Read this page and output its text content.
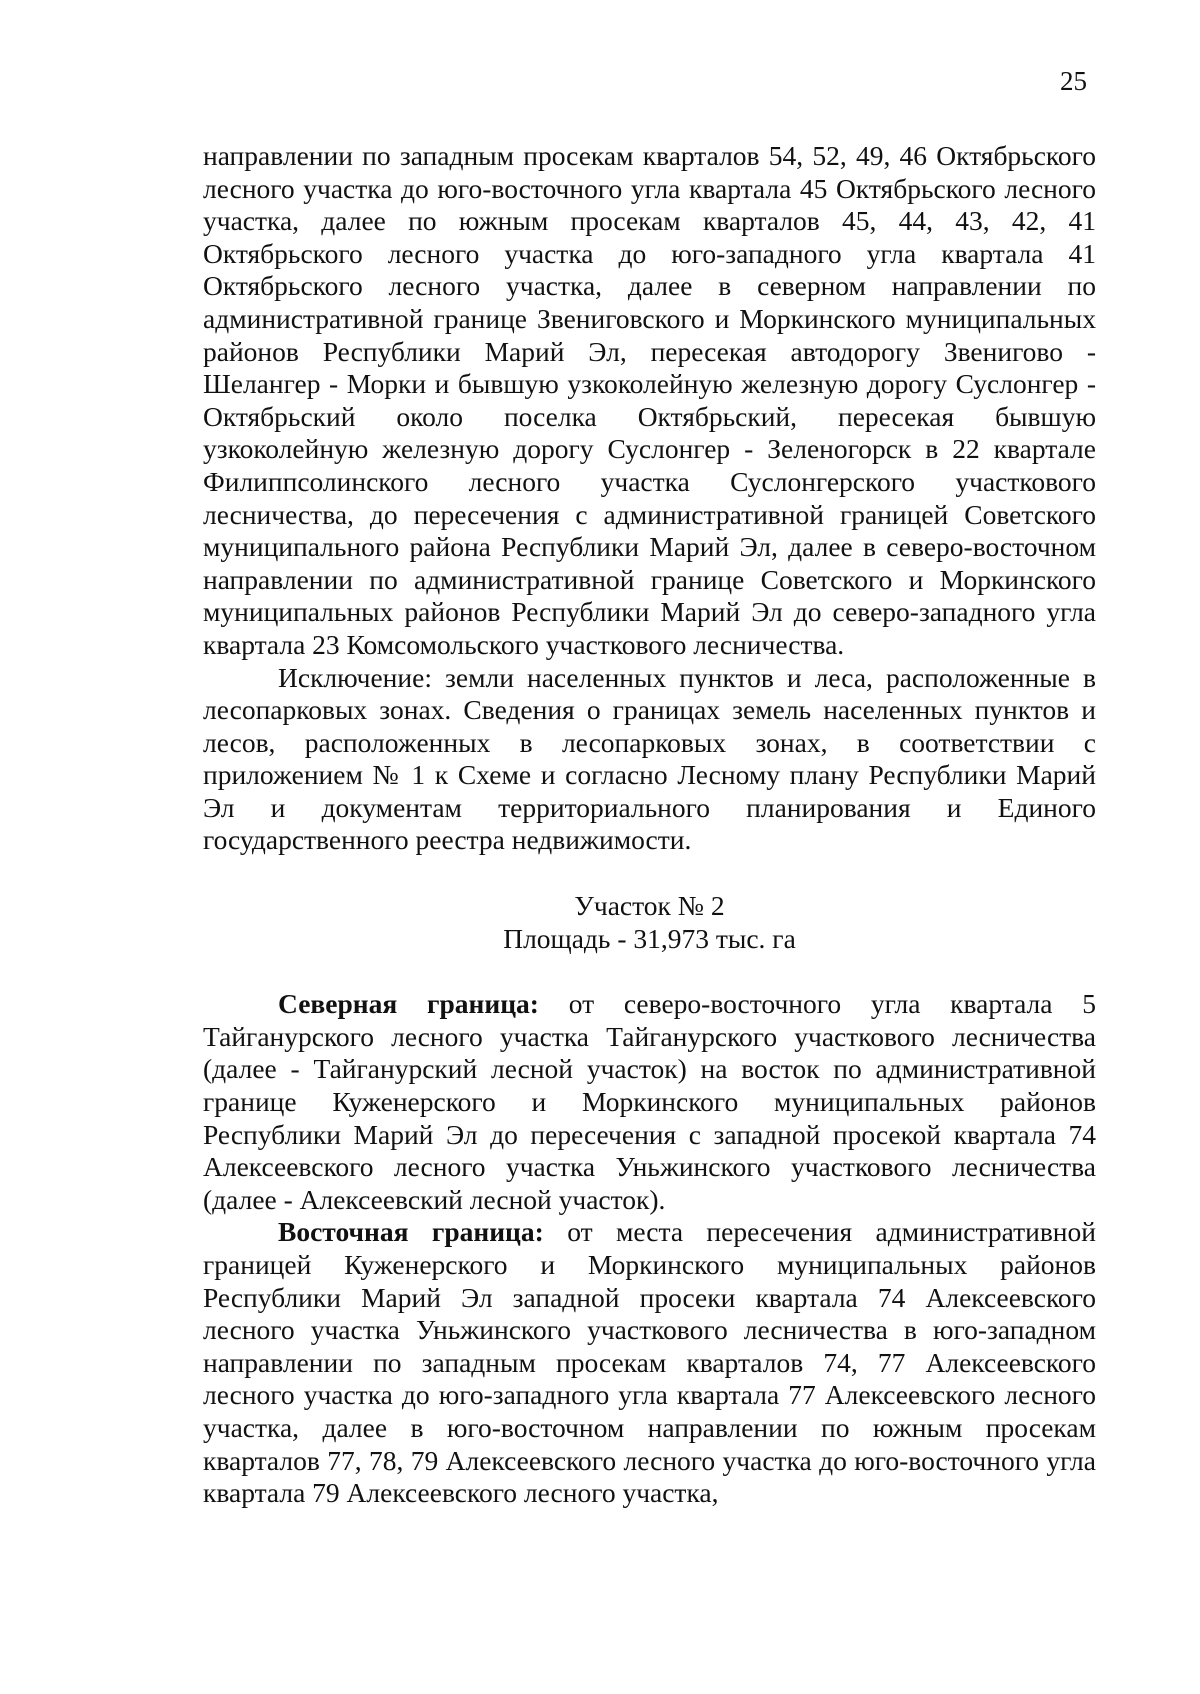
25

направлении по западным просекам кварталов 54, 52, 49, 46 Октябрьского лесного участка до юго-восточного угла квартала 45 Октябрьского лесного участка, далее по южным просекам кварталов 45, 44, 43, 42, 41 Октябрьского лесного участка до юго-западного угла квартала 41 Октябрьского лесного участка, далее в северном направлении по административной границе Звениговского и Моркинского муниципальных районов Республики Марий Эл, пересекая автодорогу Звенигово - Шелангер - Морки и бывшую узкоколейную железную дорогу Суслонгер - Октябрьский около поселка Октябрьский, пересекая бывшую узкоколейную железную дорогу Суслонгер - Зеленогорск в 22 квартале Филиппсолинского лесного участка Суслонгерского участкового лесничества, до пересечения с административной границей Советского муниципального района Республики Марий Эл, далее в северо-восточном направлении по административной границе Советского и Моркинского муниципальных районов Республики Марий Эл до северо-западного угла квартала 23 Комсомольского участкового лесничества.

Исключение: земли населенных пунктов и леса, расположенные в лесопарковых зонах. Сведения о границах земель населенных пунктов и лесов, расположенных в лесопарковых зонах, в соответствии с приложением № 1 к Схеме и согласно Лесному плану Республики Марий Эл и документам территориального планирования и Единого государственного реестра недвижимости.

Участок № 2
Площадь - 31,973 тыс. га

Северная граница: от северо-восточного угла квартала 5 Тайганурского лесного участка Тайганурского участкового лесничества (далее - Тайганурский лесной участок) на восток по административной границе Куженерского и Моркинского муниципальных районов Республики Марий Эл до пересечения с западной просекой квартала 74 Алексеевского лесного участка Уньжинского участкового лесничества (далее - Алексеевский лесной участок).

Восточная граница: от места пересечения административной границей Куженерского и Моркинского муниципальных районов Республики Марий Эл западной просеки квартала 74 Алексеевского лесного участка Уньжинского участкового лесничества в юго-западном направлении по западным просекам кварталов 74, 77 Алексеевского лесного участка до юго-западного угла квартала 77 Алексеевского лесного участка, далее в юго-восточном направлении по южным просекам кварталов 77, 78, 79 Алексеевского лесного участка до юго-восточного угла квартала 79 Алексеевского лесного участка,
